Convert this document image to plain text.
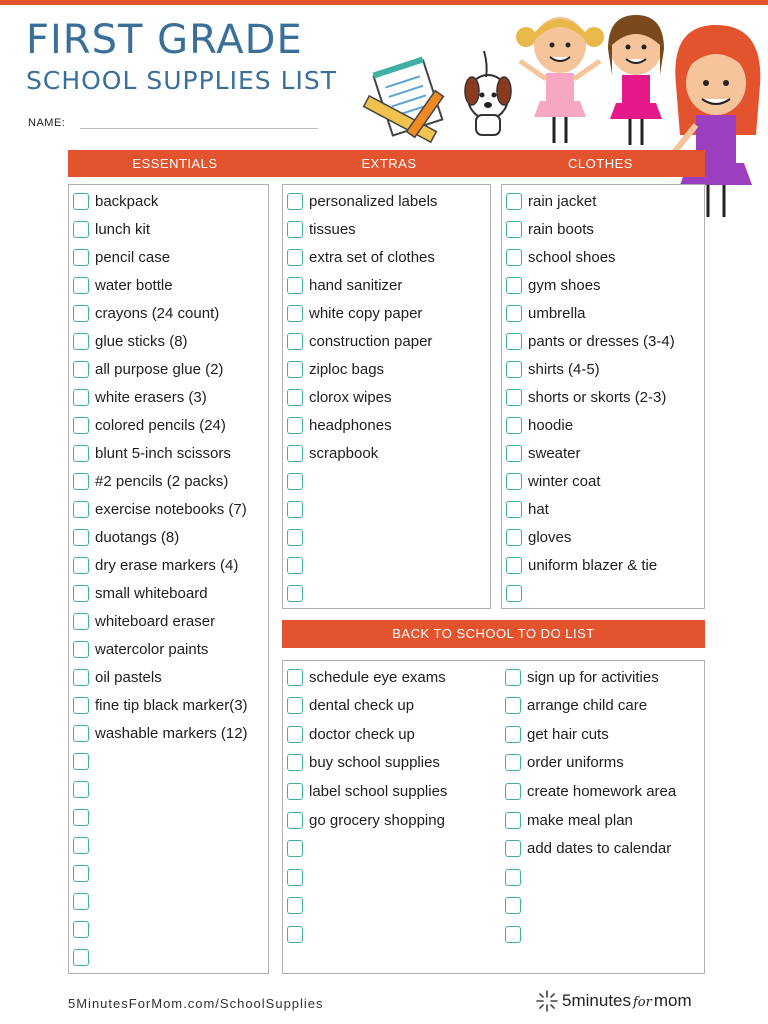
FIRST GRADE
SCHOOL SUPPLIES LIST
NAME:
ESSENTIALS	EXTRAS	CLOTHES
backpack
lunch kit
pencil case
water bottle
crayons (24 count)
glue sticks (8)
all purpose glue (2)
white erasers (3)
colored pencils (24)
blunt 5-inch scissors
#2 pencils (2 packs)
exercise notebooks (7)
duotangs (8)
dry erase markers (4)
small whiteboard
whiteboard eraser
watercolor paints
oil pastels
fine tip black marker(3)
washable markers (12)
personalized labels
tissues
extra set of clothes
hand sanitizer
white copy paper
construction paper
ziploc bags
clorox wipes
headphones
scrapbook
rain jacket
rain boots
school shoes
gym shoes
umbrella
pants or dresses (3-4)
shirts (4-5)
shorts or skorts (2-3)
hoodie
sweater
winter coat
hat
gloves
uniform blazer & tie
BACK TO SCHOOL TO DO LIST
schedule eye exams
dental check up
doctor check up
buy school supplies
label school supplies
go grocery shopping
sign up for activities
arrange child care
get hair cuts
order uniforms
create homework area
make meal plan
add dates to calendar
5MinutesForMom.com/SchoolSupplies	5minutes for mom
